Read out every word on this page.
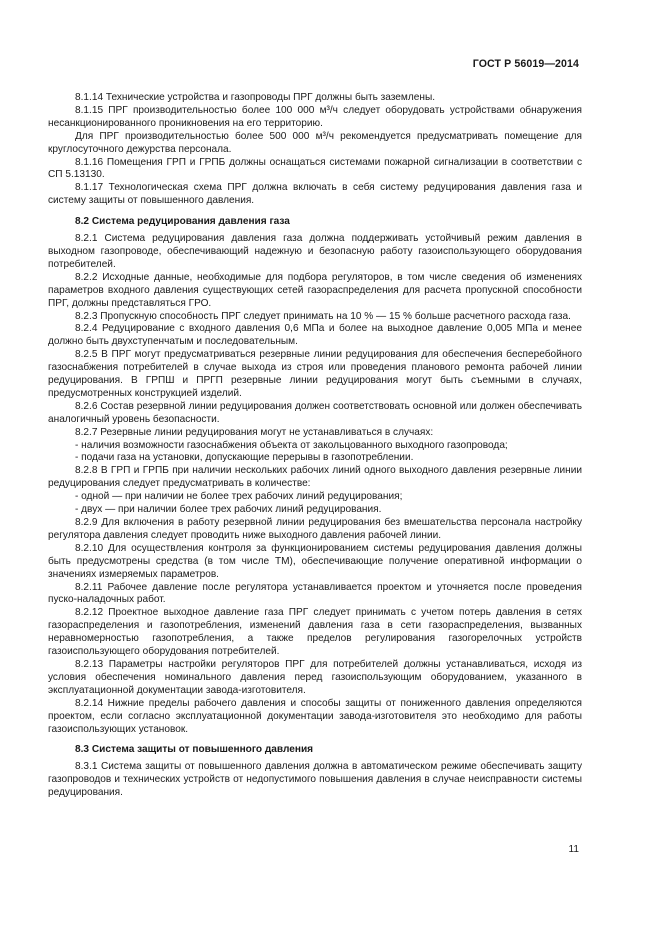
ГОСТ Р 56019—2014

8.1.14 Технические устройства и газопроводы ПРГ должны быть заземлены.

8.1.15 ПРГ производительностью более 100 000 м³/ч следует оборудовать устройствами обнаружения несанкционированного проникновения на его территорию.

Для ПРГ производительностью более 500 000 м³/ч рекомендуется предусматривать помещение для круглосуточного дежурства персонала.

8.1.16 Помещения ГРП и ГРПБ должны оснащаться системами пожарной сигнализации в соответствии с СП 5.13130.

8.1.17 Технологическая схема ПРГ должна включать в себя систему редуцирования давления газа и систему защиты от повышенного давления.

8.2 Система редуцирования давления газа

8.2.1 Система редуцирования давления газа должна поддерживать устойчивый режим давления в выходном газопроводе, обеспечивающий надежную и безопасную работу газоиспользующего оборудования потребителей.

8.2.2 Исходные данные, необходимые для подбора регуляторов, в том числе сведения об изменениях параметров входного давления существующих сетей газораспределения для расчета пропускной способности ПРГ, должны представляться ГРО.

8.2.3 Пропускную способность ПРГ следует принимать на 10 % — 15 % больше расчетного расхода газа.

8.2.4 Редуцирование с входного давления 0,6 МПа и более на выходное давление 0,005 МПа и менее должно быть двухступенчатым и последовательным.

8.2.5 В ПРГ могут предусматриваться резервные линии редуцирования для обеспечения бесперебойного газоснабжения потребителей в случае выхода из строя или проведения планового ремонта рабочей линии редуцирования. В ГРПШ и ПРГП резервные линии редуцирования могут быть съемными в случаях, предусмотренных конструкцией изделий.

8.2.6 Состав резервной линии редуцирования должен соответствовать основной или должен обеспечивать аналогичный уровень безопасности.

8.2.7 Резервные линии редуцирования могут не устанавливаться в случаях:

- наличия возможности газоснабжения объекта от закольцованного выходного газопровода;

- подачи газа на установки, допускающие перерывы в газопотреблении.

8.2.8 В ГРП и ГРПБ при наличии нескольких рабочих линий одного выходного давления резервные линии редуцирования следует предусматривать в количестве:

- одной — при наличии не более трех рабочих линий редуцирования;

- двух — при наличии более трех рабочих линий редуцирования.

8.2.9 Для включения в работу резервной линии редуцирования без вмешательства персонала настройку регулятора давления следует проводить ниже выходного давления рабочей линии.

8.2.10 Для осуществления контроля за функционированием системы редуцирования давления должны быть предусмотрены средства (в том числе ТМ), обеспечивающие получение оперативной информации о значениях измеряемых параметров.

8.2.11 Рабочее давление после регулятора устанавливается проектом и уточняется после проведения пуско-наладочных работ.

8.2.12 Проектное выходное давление газа ПРГ следует принимать с учетом потерь давления в сетях газораспределения и газопотребления, изменений давления газа в сети газораспределения, вызванных неравномерностью газопотребления, а также пределов регулирования газогорелочных устройств газоиспользующего оборудования потребителей.

8.2.13 Параметры настройки регуляторов ПРГ для потребителей должны устанавливаться, исходя из условия обеспечения номинального давления перед газоиспользующим оборудованием, указанного в эксплуатационной документации завода-изготовителя.

8.2.14 Нижние пределы рабочего давления и способы защиты от пониженного давления определяются проектом, если согласно эксплуатационной документации завода-изготовителя это необходимо для работы газоиспользующих установок.

8.3 Система защиты от повышенного давления

8.3.1 Система защиты от повышенного давления должна в автоматическом режиме обеспечивать защиту газопроводов и технических устройств от недопустимого повышения давления в случае неисправности системы редуцирования.

11
